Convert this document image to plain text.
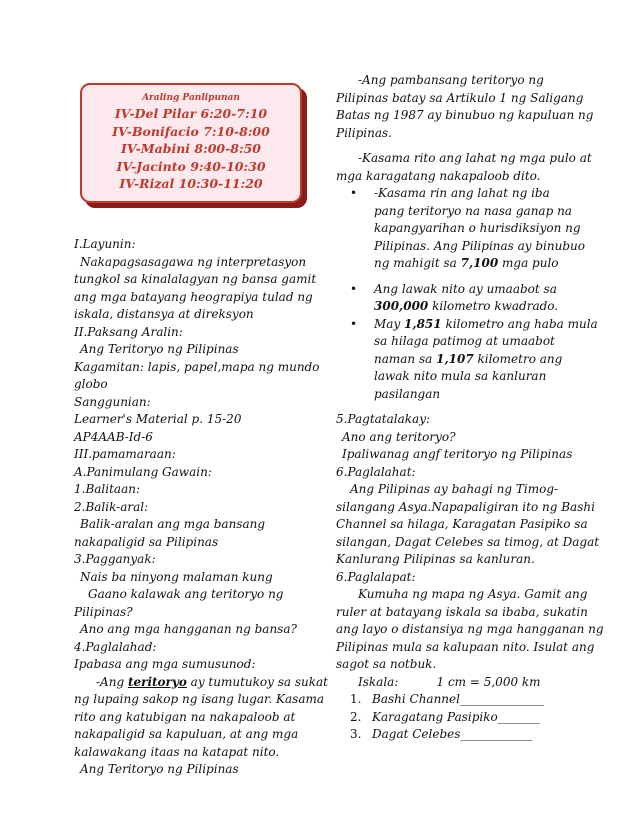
Araling Panlipunan
IV-Del Pilar 6:20-7:10
IV-Bonifacio 7:10-8:00
IV-Mabini 8:00-8:50
IV-Jacinto 9:40-10:30
IV-Rizal 10:30-11:20
I.Layunin:
Nakapagsasagawa ng interpretasyon
tungkol sa kinalalagyan ng bansa gamit
ang mga batayang heograpiya tulad ng
iskala, distansya at direksyon
II.Paksang Aralin:
Ang Teritoryo ng Pilipinas
Kagamitan: lapis, papel,mapa ng mundo
globo
Sanggunian:
Learner's Material p. 15-20
AP4AAB-Id-6
III.pamamaraan:
A.Panimulang Gawain:
1.Balitaan:
2.Balik-aral:
Balik-aralan ang mga bansang
nakapaligid sa Pilipinas
3.Pagganyak:
Nais ba ninyong malaman kung
Gaano kalawak ang teritoryo ng
Pilipinas?
Ano ang mga hangganan ng bansa?
4.Paglalahad:
Ipabasa ang mga sumusunod:
-Ang teritoryo ay tumutukoy sa sukat
ng lupaing sakop ng isang lugar. Kasama
rito ang katubigan na nakapaloob at
nakapaligid sa kapuluan, at ang mga
kalawakang itaas na katapat nito.
Ang Teritoryo ng Pilipinas
-Ang pambansang teritoryo ng
Pilipinas batay sa Artikulo 1 ng Saligang
Batas ng 1987 ay binubuo ng kapuluan ng
Pilipinas.
-Kasama rito ang lahat ng mga pulo at
mga karagatang nakapaloob dito.
• -Kasama rin ang lahat ng iba
pang teritoryo na nasa ganap na
kapangyarihan o hurisdiksiyon ng
Pilipinas. Ang Pilipinas ay binubuo
ng mahigit sa 7,100 mga pulo
• Ang lawak nito ay umaabot sa
300,000 kilometro kwadrado.
• May 1,851 kilometro ang haba mula
sa hilaga patimog at umaabot
naman sa 1,107 kilometro ang
lawak nito mula sa kanluran
pasilangan
5.Pagtatalakay:
Ano ang teritoryo?
Ipaliwanag angf teritoryo ng Pilipinas
6.Paglalahat:
Ang Pilipinas ay bahagi ng Timog-
silangang Asya.Napapaligiran ito ng Bashi
Channel sa hilaga, Karagatan Pasipiko sa
silangan, Dagat Celebes sa timog, at Dagat
Kanlurang Pilipinas sa kanluran.
6.Paglalapat:
Kumuha ng mapa ng Asya. Gamit ang
ruler at batayang iskala sa ibaba, sukatin
ang layo o distansiya ng mga hangganan ng
Pilipinas mula sa kalupaan nito. Isulat ang
sagot sa notbuk.
Iskala:          1 cm = 5,000 km
1. Bashi Channel______________
2. Karagatang Pasipiko_______
3. Dagat Celebes____________
